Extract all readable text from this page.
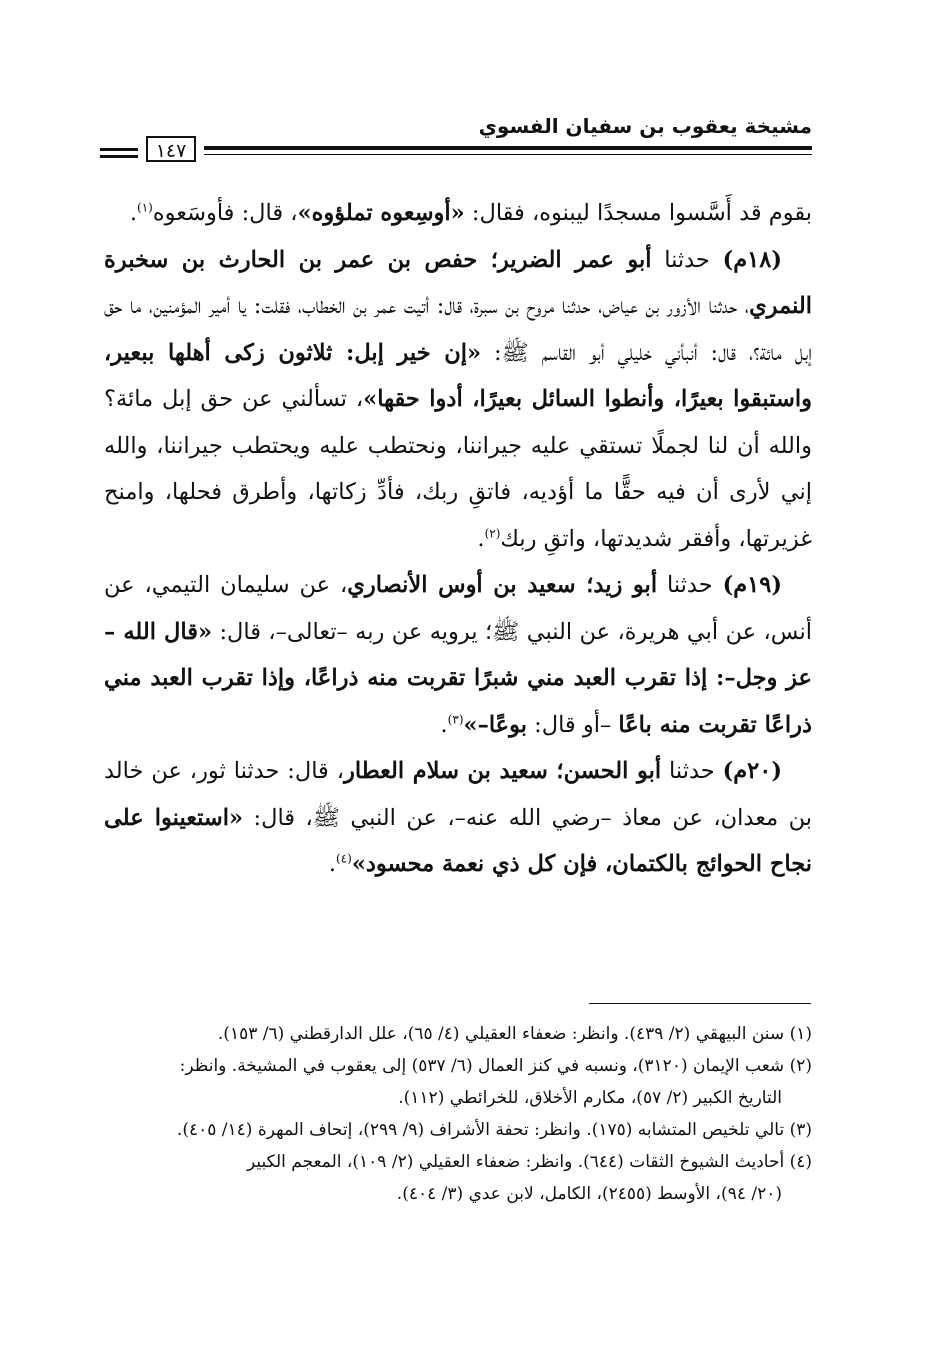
مشيخة يعقوب بن سفيان الفسوي
١٤٧

بقوم قد أَسَّسوا مسجدًا ليبنوه، فقال: «أوسِعوه تملؤوه»، قال: فأوسَعوه$^{(١)}$.

(١٨م) حدثنا أبو عمر الضرير؛ حفص بن عمر بن الحارث بن سخبرة النمري، حدثنا الأزور بن عياض، حدثنا مروح بن سبرة، قال: أتيت عمر بن الخطاب، فقلت: يا أمير المؤمنين، ما حق إبل مائة؟، قال: أنبأني خليلي أبو القاسم ﷺ: «إن خير إبل: ثلاثون زكى أهلها ببعير، واستبقوا بعيرًا، وأنطوا السائل بعيرًا، أدوا حقها»، تسألني عن حق إبل مائة؟ والله أن لنا لجملًا تستقي عليه جيراننا، ونحتطب عليه ويحتطب جيراننا، والله إني لأرى أن فيه حقًّا ما أؤديه، فاتقِ ربك، فأدِّ زكاتها، وأطرق فحلها، وامنح غزيرتها، وأفقر شديدتها، واتقِ ربك$^{(٢)}$.

(١٩م) حدثنا أبو زيد؛ سعيد بن أوس الأنصاري، عن سليمان التيمي، عن أنس، عن أبي هريرة، عن النبي ﷺ؛ يرويه عن ربه –تعالى–، قال: «قال الله – عز وجل–: إذا تقرب العبد مني شبرًا تقربت منه ذراعًا، وإذا تقرب العبد مني ذراعًا تقربت منه باعًا –أو قال: بوعًا–»$^{(٣)}$.

(٢٠م) حدثنا أبو الحسن؛ سعيد بن سلام العطار، قال: حدثنا ثور، عن خالد بن معدان، عن معاذ –رضي الله عنه–، عن النبي ﷺ، قال: «استعينوا على نجاح الحوائج بالكتمان، فإن كل ذي نعمة محسود»$^{(٤)}$.

(١) سنن البيهقي (٢/ ٤٣٩). وانظر: ضعفاء العقيلي (٤/ ٦٥)، علل الدارقطني (٦/ ١٥٣).

(٢) شعب الإيمان (٣١٢٠)، ونسبه في كنز العمال (٦/ ٥٣٧) إلى يعقوب في المشيخة. وانظر:

التاريخ الكبير (٢/ ٥٧)، مكارم الأخلاق، للخرائطي (١١٢).

(٣) تالي تلخيص المتشابه (١٧٥). وانظر: تحفة الأشراف (٩/ ٢٩٩)، إتحاف المهرة (١٤/ ٤٠٥).

(٤) أحاديث الشيوخ الثقات (٦٤٤). وانظر: ضعفاء العقيلي (٢/ ١٠٩)، المعجم الكبير

(٢٠/ ٩٤)، الأوسط (٢٤٥٥)، الكامل، لابن عدي (٣/ ٤٠٤).
